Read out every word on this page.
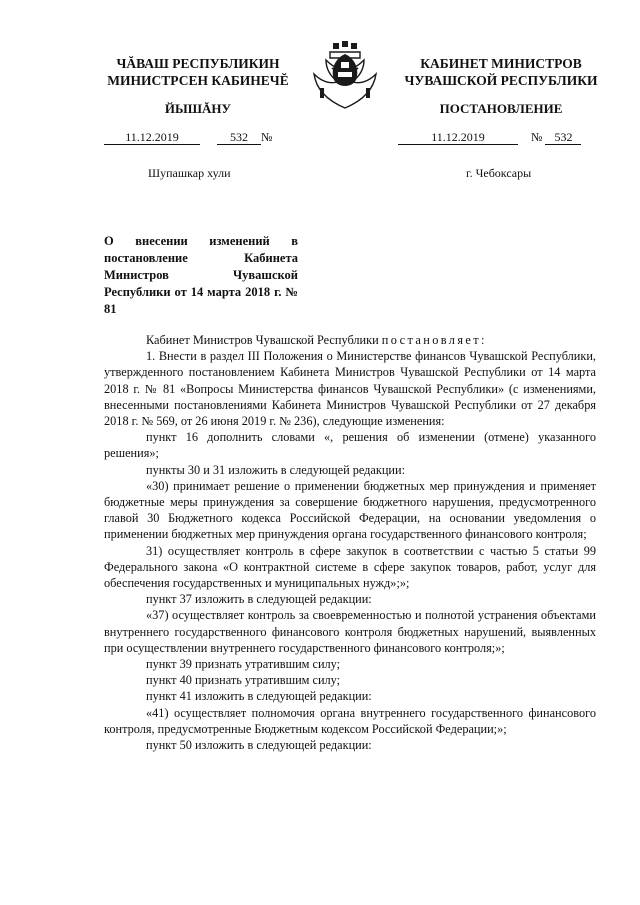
ЧĂВАШ РЕСПУБЛИКИН
МИНИСТРСЕН КАБИНЕЧĔ
ЙЫШĂНУ
КАБИНЕТ МИНИСТРОВ
ЧУВАШСКОЙ РЕСПУБЛИКИ
ПОСТАНОВЛЕНИЕ
11.12.2019	532 №	11.12.2019	№ 532
Шупашкар хули	г. Чебоксары
О внесении изменений в постановление Кабинета Министров Чувашской Республики от 14 марта 2018 г. № 81

Кабинет Министров Чувашской Республики постановляет:

1. Внести в раздел III Положения о Министерстве финансов Чувашской Республики, утвержденного постановлением Кабинета Министров Чувашской Республики от 14 марта 2018 г. № 81 «Вопросы Министерства финансов Чувашской Республики» (с изменениями, внесенными постановлениями Кабинета Министров Чувашской Республики от 27 декабря 2018 г. № 569, от 26 июня 2019 г. № 236), следующие изменения:

пункт 16 дополнить словами «, решения об изменении (отмене) указанного решения»;

пункты 30 и 31 изложить в следующей редакции:

«30) принимает решение о применении бюджетных мер принуждения и применяет бюджетные меры принуждения за совершение бюджетного нарушения, предусмотренного главой 30 Бюджетного кодекса Российской Федерации, на основании уведомления о применении бюджетных мер принуждения органа государственного финансового контроля;

31) осуществляет контроль в сфере закупок в соответствии с частью 5 статьи 99 Федерального закона «О контрактной системе в сфере закупок товаров, работ, услуг для обеспечения государственных и муниципальных нужд»;»;

пункт 37 изложить в следующей редакции:

«37) осуществляет контроль за своевременностью и полнотой устранения объектами внутреннего государственного финансового контроля бюджетных нарушений, выявленных при осуществлении внутреннего государственного финансового контроля;»;

пункт 39 признать утратившим силу;

пункт 40 признать утратившим силу;

пункт 41 изложить в следующей редакции:

«41) осуществляет полномочия органа внутреннего государственного финансового контроля, предусмотренные Бюджетным кодексом Российской Федерации;»;

пункт 50 изложить в следующей редакции:
